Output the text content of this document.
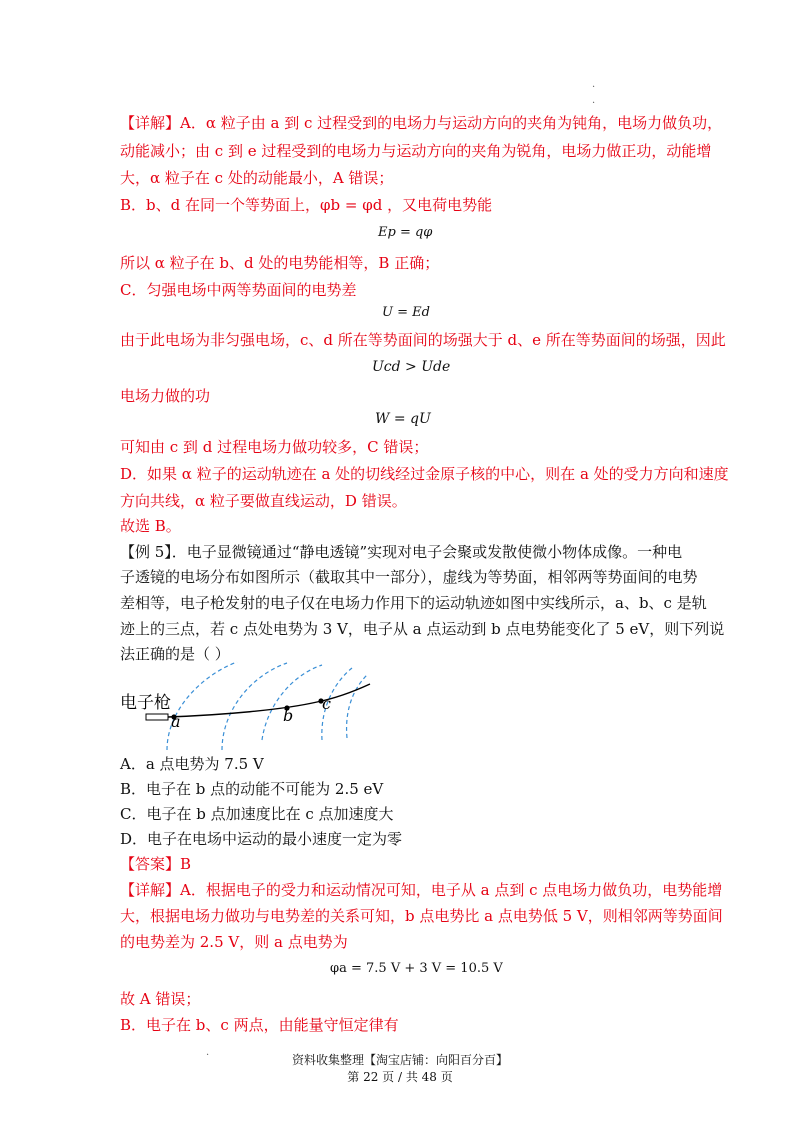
·
·
【详解】A．α 粒子由 a 到 c 过程受到的电场力与运动方向的夹角为钝角，电场力做负功，
动能减小；由 c 到 e 过程受到的电场力与运动方向的夹角为锐角，电场力做正功，动能增
大，α 粒子在 c 处的动能最小，A 错误；
B．b、d 在同一个等势面上，φb = φd ，又电荷电势能
Ep = qφ
所以 α 粒子在 b、d 处的电势能相等，B 正确；
C．匀强电场中两等势面间的电势差
U = Ed
由于此电场为非匀强电场，c、d 所在等势面间的场强大于 d、e 所在等势面间的场强，因此
Ucd > Ude
电场力做的功
W = qU
可知由 c 到 d 过程电场力做功较多，C 错误；
D．如果 α 粒子的运动轨迹在 a 处的切线经过金原子核的中心，则在 a 处的受力方向和速度
方向共线，α 粒子要做直线运动，D 错误。
故选 B。
【例 5】．电子显微镜通过“静电透镜”实现对电子会聚或发散使微小物体成像。一种电
子透镜的电场分布如图所示（截取其中一部分），虚线为等势面，相邻两等势面间的电势
差相等，电子枪发射的电子仅在电场力作用下的运动轨迹如图中实线所示，a、b、c 是轨
迹上的三点，若 c 点处电势为 3 V，电子从 a 点运动到 b 点电势能变化了 5 eV，则下列说
法正确的是（ ）
电子枪
a	b
c
A．a 点电势为 7.5 V
B．电子在 b 点的动能不可能为 2.5 eV
C．电子在 b 点加速度比在 c 点加速度大
D．电子在电场中运动的最小速度一定为零
【答案】B
【详解】A．根据电子的受力和运动情况可知，电子从 a 点到 c 点电场力做负功，电势能增
大，根据电场力做功与电势差的关系可知，b 点电势比 a 点电势低 5 V，则相邻两等势面间
的电势差为 2.5 V，则 a 点电势为
φa = 7.5 V + 3 V = 10.5 V
故 A 错误；
B．电子在 b、c 两点，由能量守恒定律有
·	资料收集整理【淘宝店铺：向阳百分百】
第 22 页 / 共 48 页
